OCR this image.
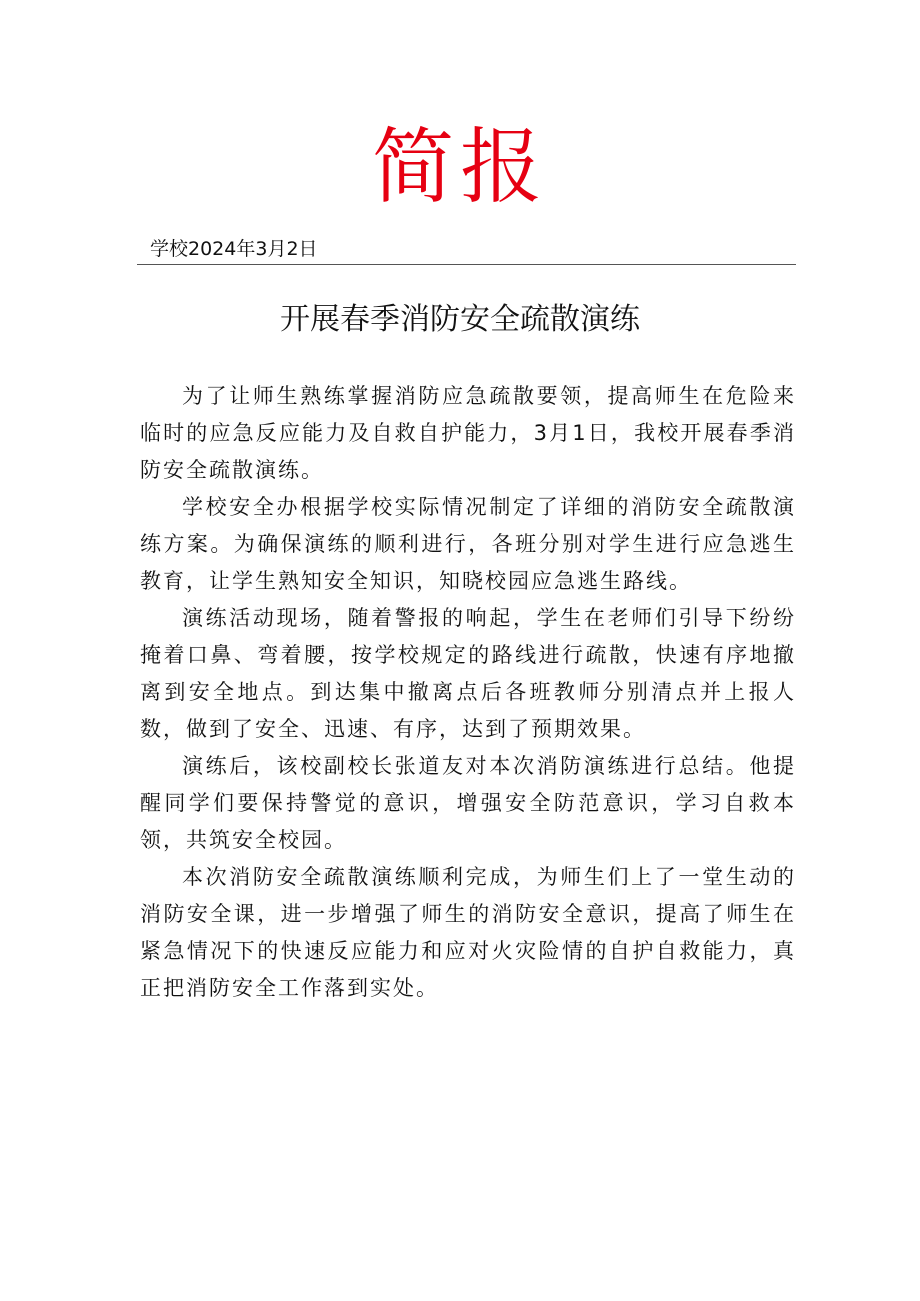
简报
学校2024年3月2日
开展春季消防安全疏散演练

为了让师生熟练掌握消防应急疏散要领，提高师生在危险来临时的应急反应能力及自救自护能力，3月1日，我校开展春季消防安全疏散演练。

学校安全办根据学校实际情况制定了详细的消防安全疏散演练方案。为确保演练的顺利进行，各班分别对学生进行应急逃生教育，让学生熟知安全知识，知晓校园应急逃生路线。

演练活动现场，随着警报的响起，学生在老师们引导下纷纷掩着口鼻、弯着腰，按学校规定的路线进行疏散，快速有序地撤离到安全地点。到达集中撤离点后各班教师分别清点并上报人数，做到了安全、迅速、有序，达到了预期效果。

演练后，该校副校长张道友对本次消防演练进行总结。他提醒同学们要保持警觉的意识，增强安全防范意识，学习自救本领，共筑安全校园。

本次消防安全疏散演练顺利完成，为师生们上了一堂生动的消防安全课，进一步增强了师生的消防安全意识，提高了师生在紧急情况下的快速反应能力和应对火灾险情的自护自救能力，真正把消防安全工作落到实处。
